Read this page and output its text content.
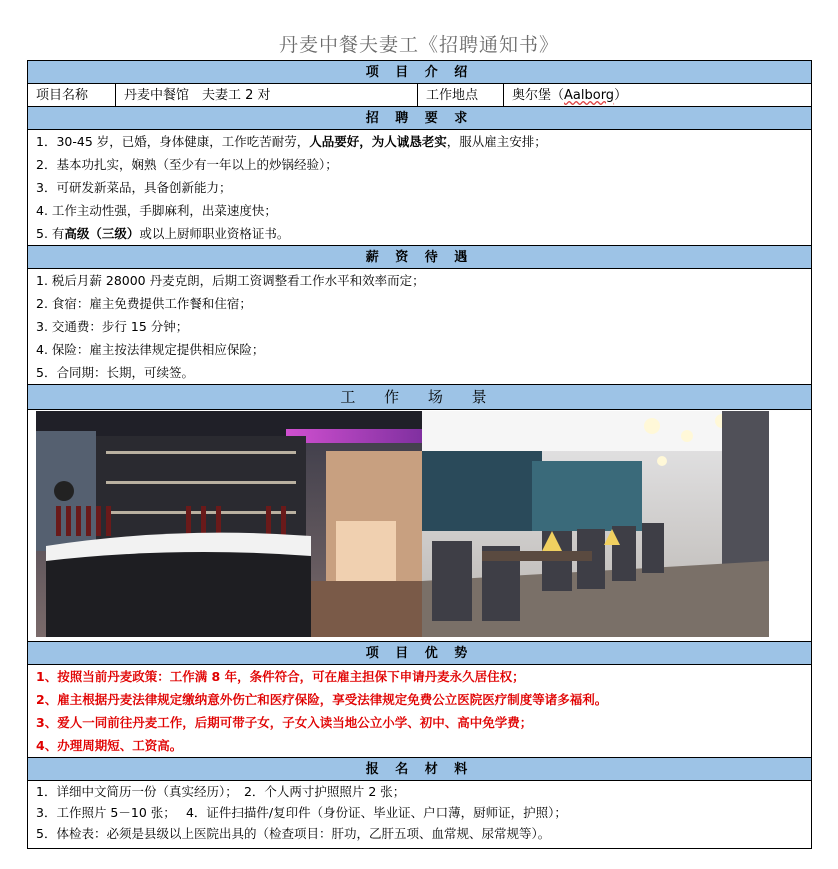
丹麦中餐夫妻工《招聘通知书》
项 目 介 绍
项目名称	丹麦中餐馆　夫妻工 2 对	工作地点	奥尔堡（Aalborg）
招 聘 要 求
1．30-45 岁，已婚，身体健康，工作吃苦耐劳，人品要好，为人诚恳老实，服从雇主安排；
2．基本功扎实，娴熟（至少有一年以上的炒锅经验）；
3．可研发新菜品，具备创新能力；
4. 工作主动性强，手脚麻利，出菜速度快；
5. 有高级（三级）或以上厨师职业资格证书。
薪 资 待 遇
1. 税后月薪 28000 丹麦克朗，后期工资调整看工作水平和效率而定；
2. 食宿：雇主免费提供工作餐和住宿；
3. 交通费：步行 15 分钟；
4. 保险：雇主按法律规定提供相应保险；
5．合同期：长期，可续签。
工 作 场 景
项 目 优 势
1、按照当前丹麦政策：工作满 8 年，条件符合，可在雇主担保下申请丹麦永久居住权；
2、雇主根据丹麦法律规定缴纳意外伤亡和医疗保险，享受法律规定免费公立医院医疗制度等诸多福利。
3、爱人一同前往丹麦工作，后期可带子女，子女入读当地公立小学、初中、高中免学费；
4、办理周期短、工资高。
报 名 材 料
1．详细中文简历一份（真实经历）；　2．个人两寸护照照片 2 张；
3．工作照片 5－10 张；　 4．证件扫描件/复印件（身份证、毕业证、户口薄，厨师证，护照）；
5．体检表：必须是县级以上医院出具的（检查项目：肝功，乙肝五项、血常规、尿常规等）。
